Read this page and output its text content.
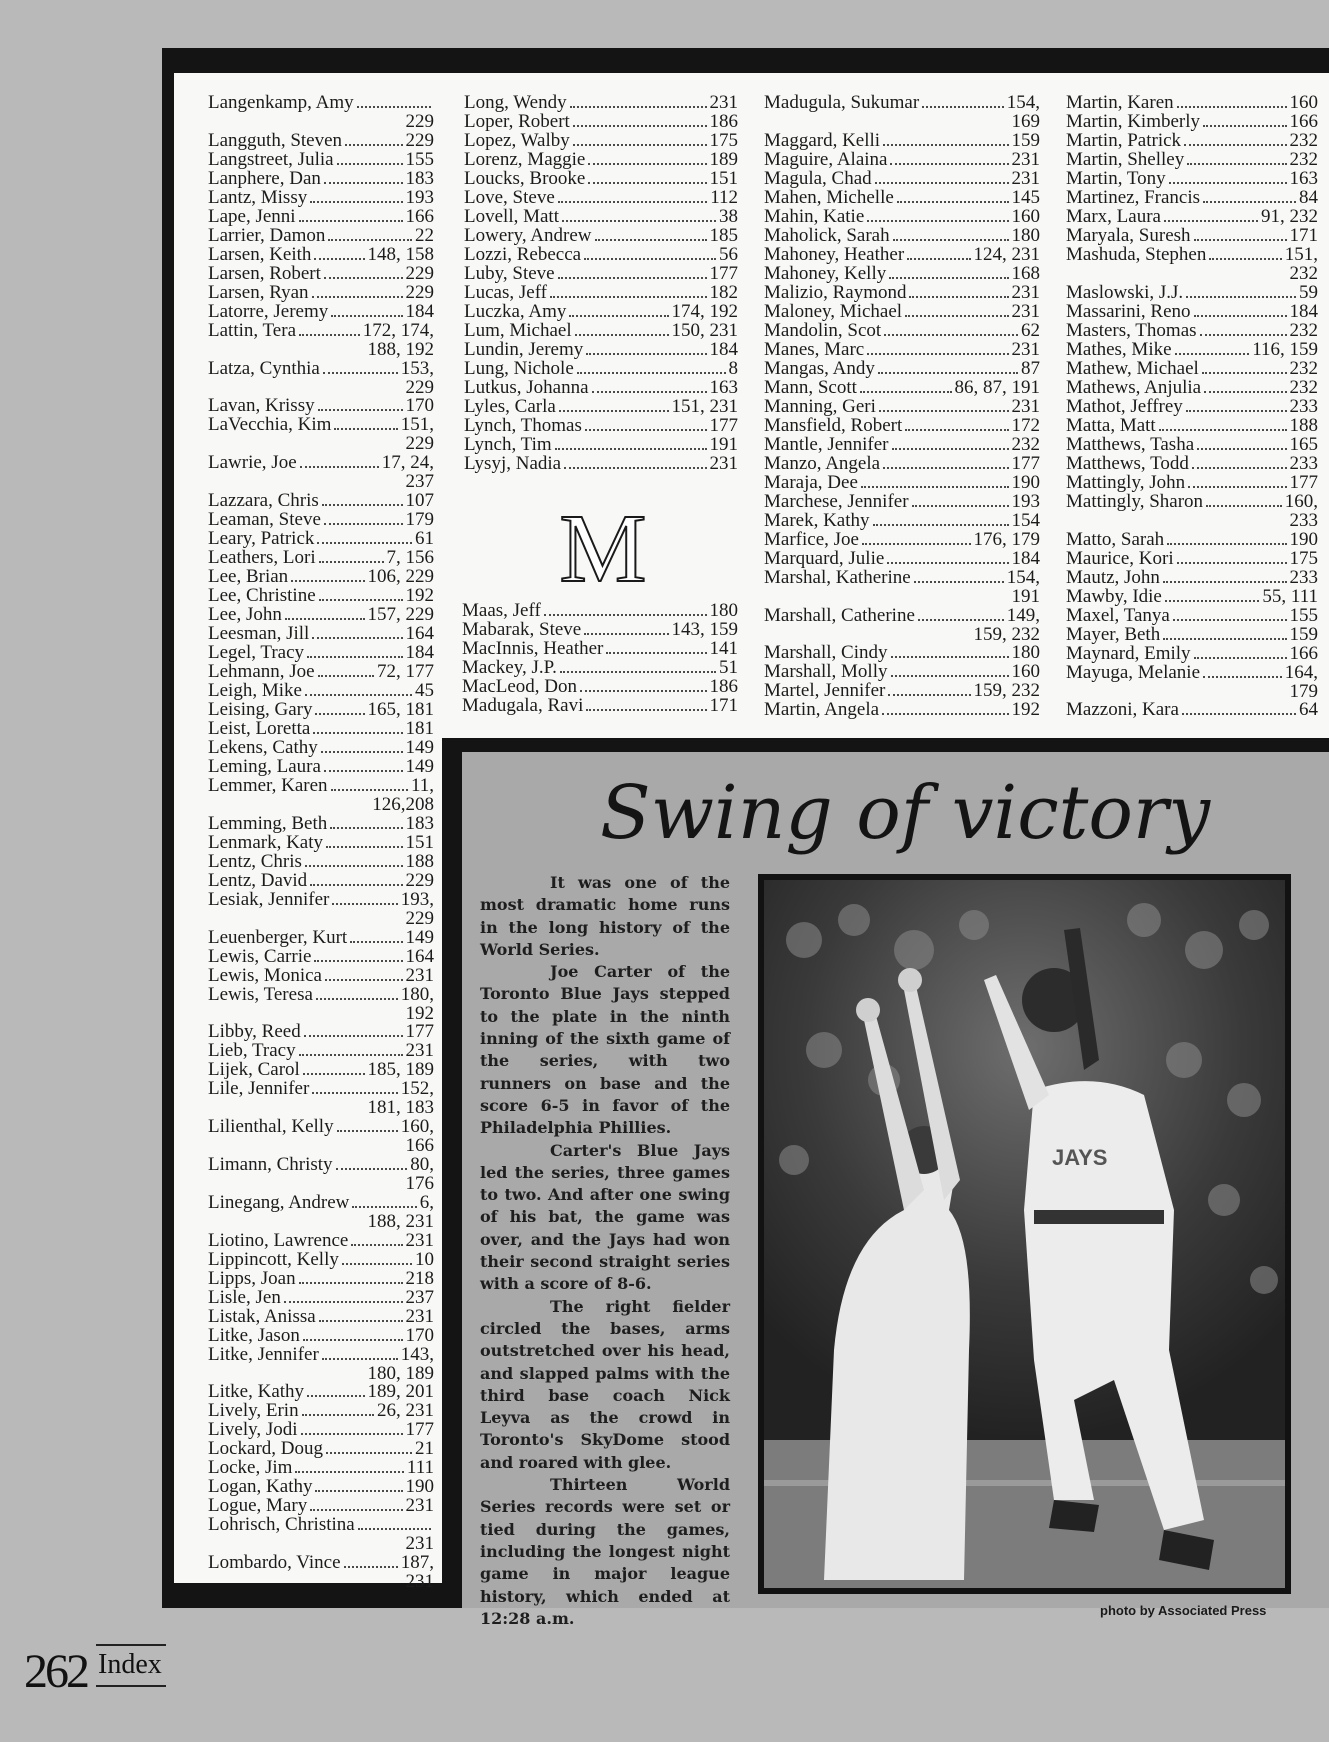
Langenkamp, Amy
229
Langguth, Steven	229
Langstreet, Julia	155
Lanphere, Dan	183
Lantz, Missy	193
Lape, Jenni	166
Larrier, Damon	22
Larsen, Keith	148, 158
Larsen, Robert	229
Larsen, Ryan	229
Latorre, Jeremy	184
Lattin, Tera	172, 174,
188, 192
Latza, Cynthia	153,
229
Lavan, Krissy	170
LaVecchia, Kim	151,
229
Lawrie, Joe	17, 24,
237
Lazzara, Chris	107
Leaman, Steve	179
Leary, Patrick	61
Leathers, Lori	7, 156
Lee, Brian	106, 229
Lee, Christine	192
Lee, John	157, 229
Leesman, Jill	164
Legel, Tracy	184
Lehmann, Joe	72, 177
Leigh, Mike	45
Leising, Gary	165, 181
Leist, Loretta	181
Lekens, Cathy	149
Leming, Laura	149
Lemmer, Karen	11,
126,208
Lemming, Beth	183
Lenmark, Katy	151
Lentz, Chris	188
Lentz, David	229
Lesiak, Jennifer	193,
229
Leuenberger, Kurt	149
Lewis, Carrie	164
Lewis, Monica	231
Lewis, Teresa	180,
192
Libby, Reed	177
Lieb, Tracy	231
Lijek, Carol	185, 189
Lile, Jennifer	152,
181, 183
Lilienthal, Kelly	160,
166
Limann, Christy	80,
176
Linegang, Andrew	6,
188, 231
Liotino, Lawrence	231
Lippincott, Kelly	10
Lipps, Joan	218
Lisle, Jen	237
Listak, Anissa	231
Litke, Jason	170
Litke, Jennifer	143,
180, 189
Litke, Kathy	189, 201
Lively, Erin	26, 231
Lively, Jodi	177
Lockard, Doug	21
Locke, Jim	111
Logan, Kathy	190
Logue, Mary	231
Lohrisch, Christina
231
Lombardo, Vince	187,
231
Long, Wendy	231
Loper, Robert	186
Lopez, Walby	175
Lorenz, Maggie	189
Loucks, Brooke	151
Love, Steve	112
Lovell, Matt	38
Lowery, Andrew	185
Lozzi, Rebecca	56
Luby, Steve	177
Lucas, Jeff	182
Luczka, Amy	174, 192
Lum, Michael	150, 231
Lundin, Jeremy	184
Lung, Nichole	8
Lutkus, Johanna	163
Lyles, Carla	151, 231
Lynch, Thomas	177
Lynch, Tim	191
Lysyj, Nadia	231
M
Maas, Jeff	180
Mabarak, Steve	143, 159
MacInnis, Heather	141
Mackey, J.P.	51
MacLeod, Don	186
Madugala, Ravi	171
Madugula, Sukumar	154,
169
Maggard, Kelli	159
Maguire, Alaina	231
Magula, Chad	231
Mahen, Michelle	145
Mahin, Katie	160
Maholick, Sarah	180
Mahoney, Heather	124, 231
Mahoney, Kelly	168
Malizio, Raymond	231
Maloney, Michael	231
Mandolin, Scot	62
Manes, Marc	231
Mangas, Andy	87
Mann, Scott	86, 87, 191
Manning, Geri	231
Mansfield, Robert	172
Mantle, Jennifer	232
Manzo, Angela	177
Maraja, Dee	190
Marchese, Jennifer	193
Marek, Kathy	154
Marfice, Joe	176, 179
Marquard, Julie	184
Marshal, Katherine	154,
191
Marshall, Catherine	149,
159, 232
Marshall, Cindy	180
Marshall, Molly	160
Martel, Jennifer	159, 232
Martin, Angela	192
Martin, Karen	160
Martin, Kimberly	166
Martin, Patrick	232
Martin, Shelley	232
Martin, Tony	163
Martinez, Francis	84
Marx, Laura	91, 232
Maryala, Suresh	171
Mashuda, Stephen	151,
232
Maslowski, J.J.	59
Massarini, Reno	184
Masters, Thomas	232
Mathes, Mike	116, 159
Mathew, Michael	232
Mathews, Anjulia	232
Mathot, Jeffrey	233
Matta, Matt	188
Matthews, Tasha	165
Matthews, Todd	233
Mattingly, John	177
Mattingly, Sharon	160,
233
Matto, Sarah	190
Maurice, Kori	175
Mautz, John	233
Mawby, Idie	55, 111
Maxel, Tanya	155
Mayer, Beth	159
Maynard, Emily	166
Mayuga, Melanie	164,
179
Mazzoni, Kara	64
Swing of victory

It was one of the most dramatic home runs in the long history of the World Series.

Joe Carter of the Toronto Blue Jays stepped to the plate in the ninth inning of the sixth game of the series, with two runners on base and the score 6-5 in favor of the Philadelphia Phillies.

Carter's Blue Jays led the series, three games to two. And after one swing of his bat, the game was over, and the Jays had won their second straight series with a score of 8-6.

The right fielder circled the bases, arms outstretched over his head, and slapped palms with the third base coach Nick Leyva as the crowd in Toronto's SkyDome stood and roared with glee.

Thirteen World Series records were set or tied during the games, including the longest night game in major league history, which ended at 12:28 a.m.

JAYS
photo by Associated Press
262 Index
